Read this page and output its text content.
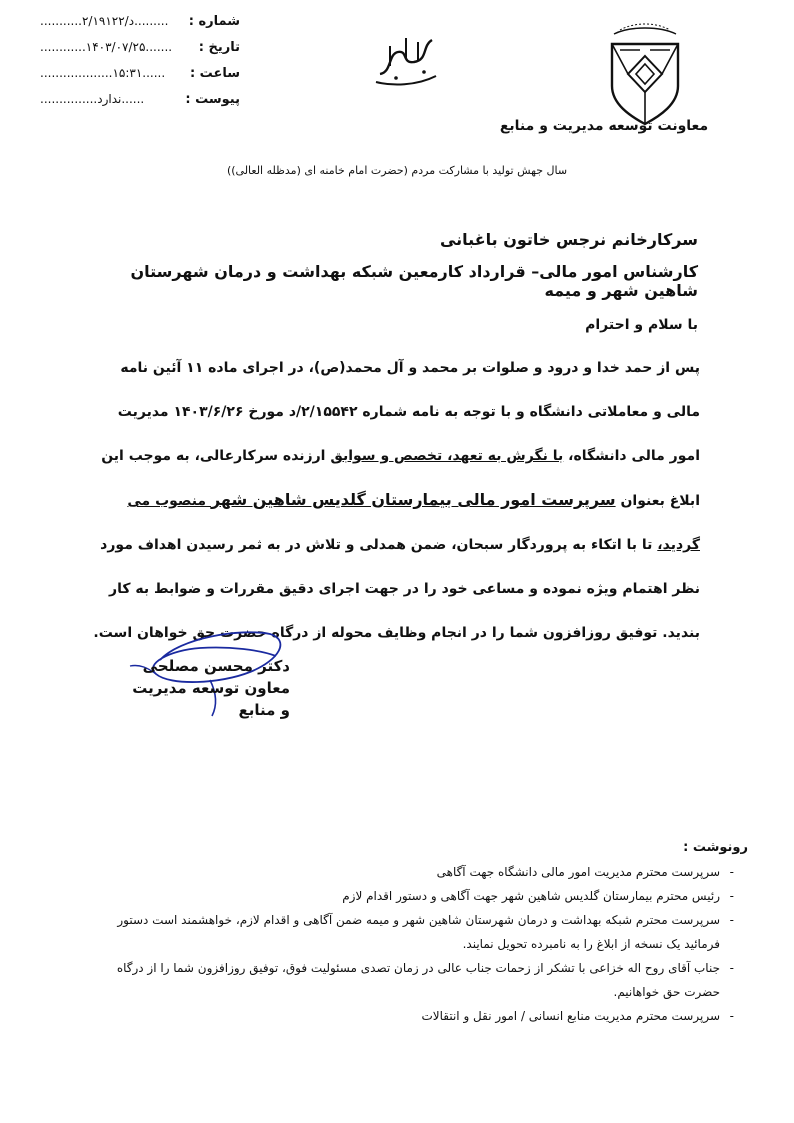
شماره :
...........۲/۱۹۱۲۲/د.........
تاریخ :
............۱۴۰۳/۰۷/۲۵.......
ساعت :
...................۱۵:۳۱......
پیوست :
...............ندارد......
معاونت توسعه مدیریت و منابع
سال جهش تولید با مشارکت مردم (حضرت امام خامنه ای (مدظله العالی))
سرکارخانم نرجس خاتون باغبانی
کارشناس امور مالی– قرارداد کارمعین شبکه بهداشت و درمان شهرستان شاهین شهر و میمه
با سلام و احترام
پس از حمد خدا و درود و صلوات بر محمد و آل محمد(ص)، در اجرای ماده ۱۱ آئین نامه مالی و معاملاتی دانشگاه و با توجه به نامه شماره ۲/۱۵۵۴۲/د مورخ ۱۴۰۳/۶/۲۶ مدیریت امور مالی دانشگاه، با نگرش به تعهد، تخصص و سوابق ارزنده سرکارعالی، به موجب این ابلاغ بعنوان سرپرست امور مالی بیمارستان گلدیس شاهین شهر منصوب می گردید، تا با اتکاء به پروردگار سبحان، ضمن همدلی و تلاش در به ثمر رسیدن اهداف مورد نظر اهتمام ویژه نموده و مساعی خود را در جهت اجرای دقیق مقررات و ضوابط به کار بندید. توفیق روزافزون شما را در انجام وظایف محوله از درگاه حضرت حق خواهان است.
دکتر محسن مصلحی
معاون توسعه مدیریت و منابع
رونوشت :
- سرپرست محترم مدیریت امور مالی دانشگاه جهت آگاهی
- رئیس محترم بیمارستان گلدیس شاهین شهر جهت آگاهی و دستور اقدام لازم
- سرپرست محترم شبکه بهداشت و درمان شهرستان شاهین شهر و میمه ضمن آگاهی و اقدام لازم، خواهشمند است دستور فرمائید یک نسخه از ابلاغ را به نامبرده تحویل نمایند.
- جناب آقای روح اله خزاعی با تشکر از زحمات جناب عالی در زمان تصدی مسئولیت فوق، توفیق روزافزون شما را از درگاه حضرت حق خواهانیم.
- سرپرست محترم مدیریت منابع انسانی / امور نقل و انتقالات
